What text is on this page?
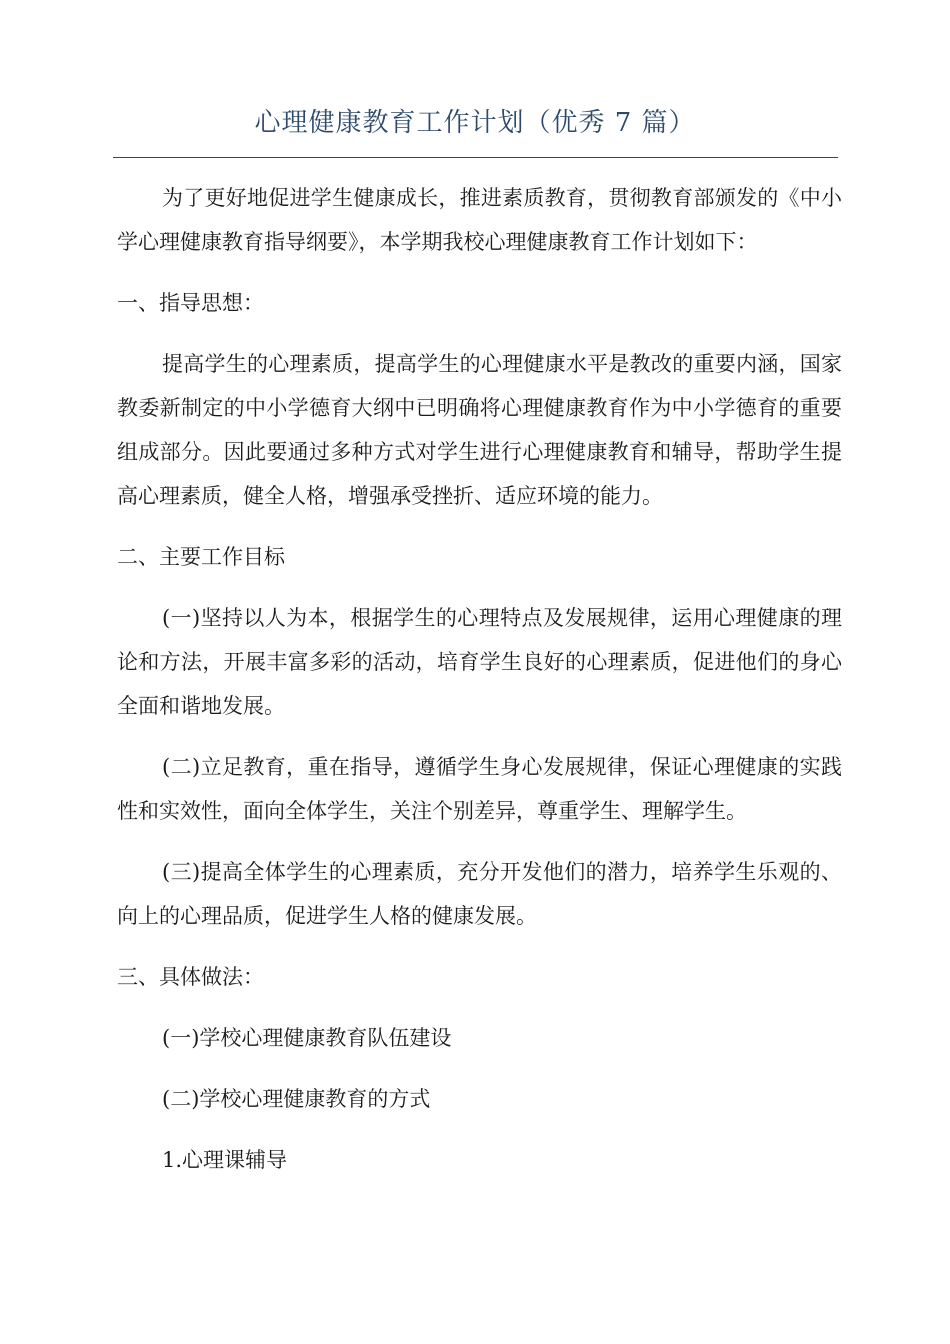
心理健康教育工作计划（优秀 7 篇）

为了更好地促进学生健康成长，推进素质教育，贯彻教育部颁发的《中小学心理健康教育指导纲要》，本学期我校心理健康教育工作计划如下：

一、指导思想：

提高学生的心理素质，提高学生的心理健康水平是教改的重要内涵，国家教委新制定的中小学德育大纲中已明确将心理健康教育作为中小学德育的重要组成部分。因此要通过多种方式对学生进行心理健康教育和辅导，帮助学生提高心理素质，健全人格，增强承受挫折、适应环境的能力。

二、主要工作目标

(一)坚持以人为本，根据学生的心理特点及发展规律，运用心理健康的理论和方法，开展丰富多彩的活动，培育学生良好的心理素质，促进他们的身心全面和谐地发展。

(二)立足教育，重在指导，遵循学生身心发展规律，保证心理健康的实践性和实效性，面向全体学生，关注个别差异，尊重学生、理解学生。

(三)提高全体学生的心理素质，充分开发他们的潜力，培养学生乐观的、向上的心理品质，促进学生人格的健康发展。

三、具体做法：

(一)学校心理健康教育队伍建设

(二)学校心理健康教育的方式

1.心理课辅导
